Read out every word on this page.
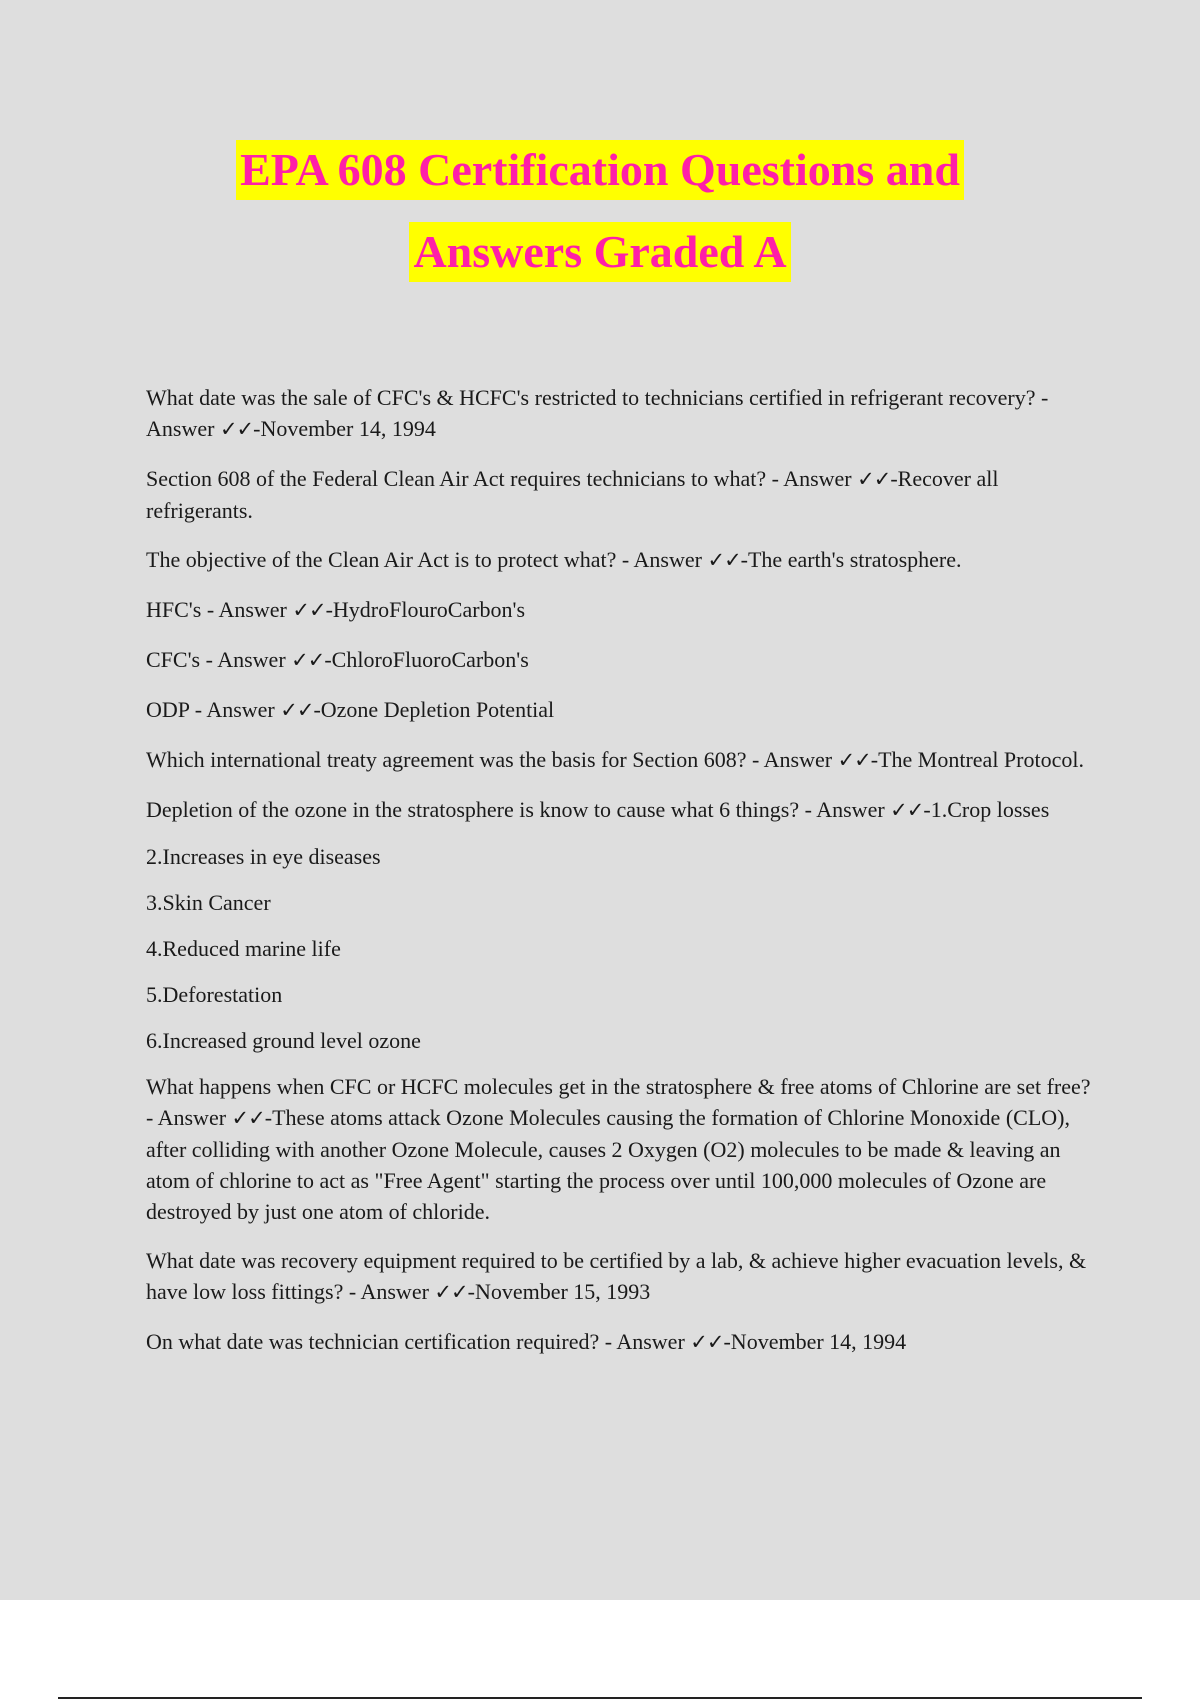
EPA 608 Certification Questions and
Answers Graded A

What date was the sale of CFC's & HCFC's restricted to technicians certified in refrigerant recovery? - Answer ✓✓-November 14, 1994

Section 608 of the Federal Clean Air Act requires technicians to what? - Answer ✓✓-Recover all refrigerants.

The objective of the Clean Air Act is to protect what? - Answer ✓✓-The earth's stratosphere.

HFC's - Answer ✓✓-HydroFlouroCarbon's

CFC's - Answer ✓✓-ChloroFluoroCarbon's

ODP - Answer ✓✓-Ozone Depletion Potential

Which international treaty agreement was the basis for Section 608? - Answer ✓✓-The Montreal Protocol.

Depletion of the ozone in the stratosphere is know to cause what 6 things? - Answer ✓✓-1.Crop losses

2.Increases in eye diseases

3.Skin Cancer

4.Reduced marine life

5.Deforestation

6.Increased ground level ozone

What happens when CFC or HCFC molecules get in the stratosphere & free atoms of Chlorine are set free? - Answer ✓✓-These atoms attack Ozone Molecules causing the formation of Chlorine Monoxide (CLO), after colliding with another Ozone Molecule, causes 2 Oxygen (O2) molecules to be made & leaving an atom of chlorine to act as "Free Agent" starting the process over until 100,000 molecules of Ozone are destroyed by just one atom of chloride.

What date was recovery equipment required to be certified by a lab, & achieve higher evacuation levels, & have low loss fittings? - Answer ✓✓-November 15, 1993

On what date was technician certification required? - Answer ✓✓-November 14, 1994
